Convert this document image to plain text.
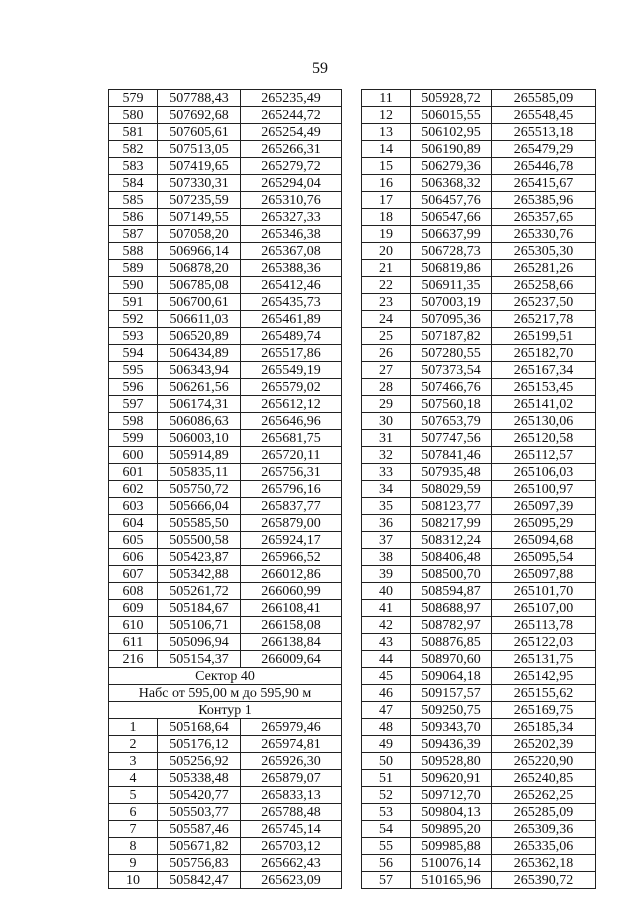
59
579	507788,43	265235,49
580	507692,68	265244,72
581	507605,61	265254,49
582	507513,05	265266,31
583	507419,65	265279,72
584	507330,31	265294,04
585	507235,59	265310,76
586	507149,55	265327,33
587	507058,20	265346,38
588	506966,14	265367,08
589	506878,20	265388,36
590	506785,08	265412,46
591	506700,61	265435,73
592	506611,03	265461,89
593	506520,89	265489,74
594	506434,89	265517,86
595	506343,94	265549,19
596	506261,56	265579,02
597	506174,31	265612,12
598	506086,63	265646,96
599	506003,10	265681,75
600	505914,89	265720,11
601	505835,11	265756,31
602	505750,72	265796,16
603	505666,04	265837,77
604	505585,50	265879,00
605	505500,58	265924,17
606	505423,87	265966,52
607	505342,88	266012,86
608	505261,72	266060,99
609	505184,67	266108,41
610	505106,71	266158,08
611	505096,94	266138,84
216	505154,37	266009,64
Сектор 40		
Набс от 595,00 м до 595,90 м		
Контур 1		
1	505168,64	265979,46
2	505176,12	265974,81
3	505256,92	265926,30
4	505338,48	265879,07
5	505420,77	265833,13
6	505503,77	265788,48
7	505587,46	265745,14
8	505671,82	265703,12
9	505756,83	265662,43
10	505842,47	265623,09
11	505928,72	265585,09
12	506015,55	265548,45
13	506102,95	265513,18
14	506190,89	265479,29
15	506279,36	265446,78
16	506368,32	265415,67
17	506457,76	265385,96
18	506547,66	265357,65
19	506637,99	265330,76
20	506728,73	265305,30
21	506819,86	265281,26
22	506911,35	265258,66
23	507003,19	265237,50
24	507095,36	265217,78
25	507187,82	265199,51
26	507280,55	265182,70
27	507373,54	265167,34
28	507466,76	265153,45
29	507560,18	265141,02
30	507653,79	265130,06
31	507747,56	265120,58
32	507841,46	265112,57
33	507935,48	265106,03
34	508029,59	265100,97
35	508123,77	265097,39
36	508217,99	265095,29
37	508312,24	265094,68
38	508406,48	265095,54
39	508500,70	265097,88
40	508594,87	265101,70
41	508688,97	265107,00
42	508782,97	265113,78
43	508876,85	265122,03
44	508970,60	265131,75
45	509064,18	265142,95
46	509157,57	265155,62
47	509250,75	265169,75
48	509343,70	265185,34
49	509436,39	265202,39
50	509528,80	265220,90
51	509620,91	265240,85
52	509712,70	265262,25
53	509804,13	265285,09
54	509895,20	265309,36
55	509985,88	265335,06
56	510076,14	265362,18
57	510165,96	265390,72
